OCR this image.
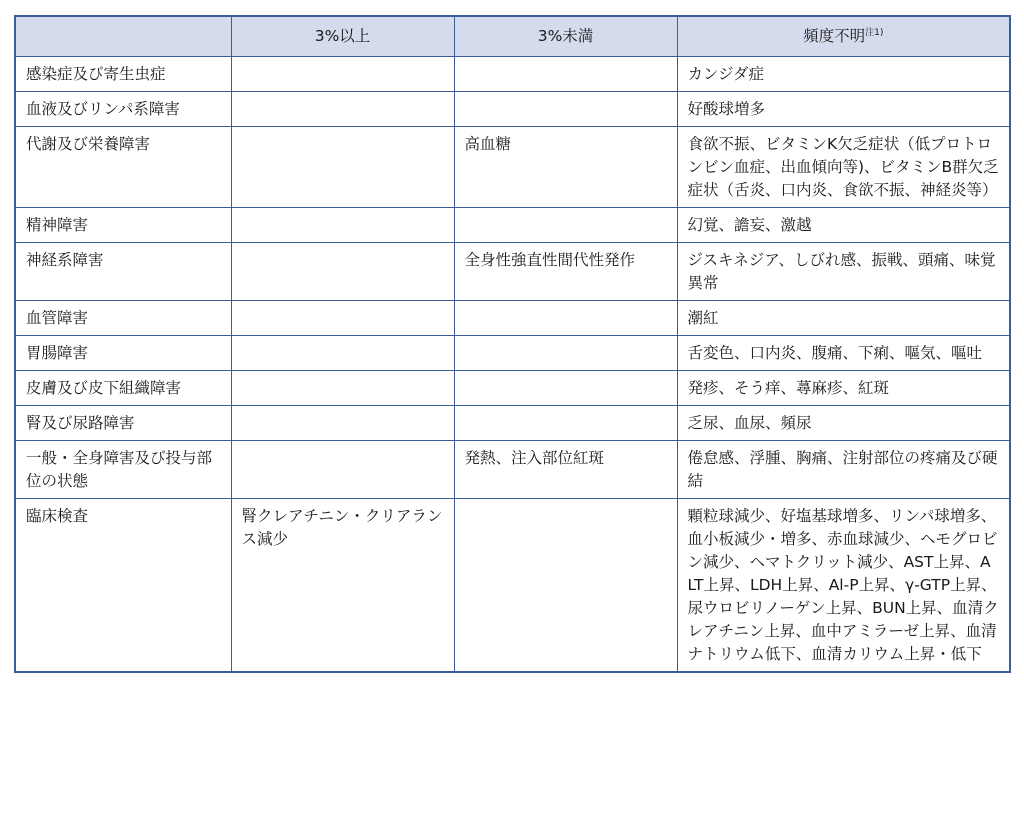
	3%以上	3%未満	頻度不明$^{注1)}$
感染症及び寄生虫症			カンジダ症
血液及びリンパ系障害			好酸球増多
代謝及び栄養障害		高血糖	食欲不振、ビタミンK欠乏症状（低プロトロンビン血症、出血傾向等)、ビタミンB群欠乏症状（舌炎、口内炎、食欲不振、神経炎等）
精神障害			幻覚、譫妄、激越
神経系障害		全身性強直性間代性発作	ジスキネジア、しびれ感、振戦、頭痛、味覚異常
血管障害			潮紅
胃腸障害			舌変色、口内炎、腹痛、下痢、嘔気、嘔吐
皮膚及び皮下組織障害			発疹、そう痒、蕁麻疹、紅斑
腎及び尿路障害			乏尿、血尿、頻尿
一般・全身障害及び投与部位の状態		発熱、注入部位紅斑	倦怠感、浮腫、胸痛、注射部位の疼痛及び硬結
臨床検査	腎クレアチニン・クリアランス減少		顆粒球減少、好塩基球増多、リンパ球増多、血小板減少・増多、赤血球減少、ヘモグロビン減少、ヘマトクリット減少、AST上昇、ALT上昇、LDH上昇、Al-P上昇、γ-GTP上昇、尿ウロビリノーゲン上昇、BUN上昇、血清クレアチニン上昇、血中アミラーゼ上昇、血清ナトリウム低下、血清カリウム上昇・低下
